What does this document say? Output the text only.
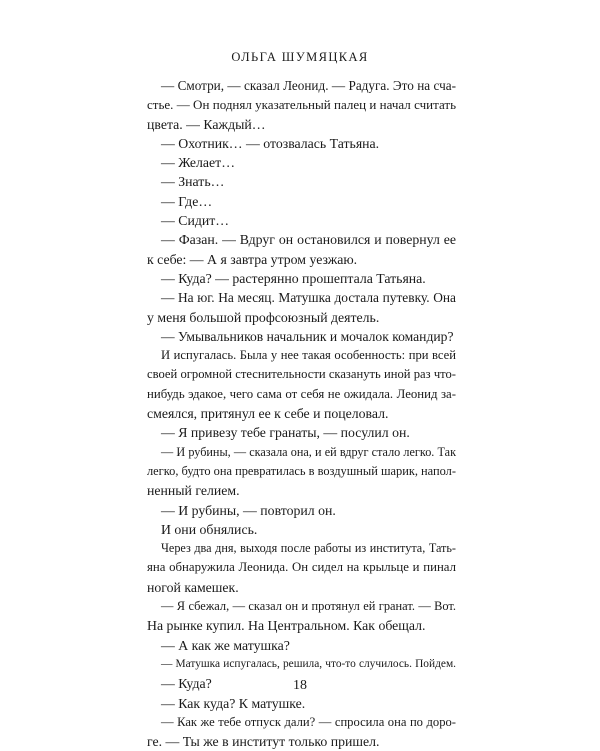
ОЛЬГА ШУМЯЦКАЯ
— Смотри, — сказал Леонид. — Радуга. Это на сча-
стье. — Он поднял указательный палец и начал считать
цвета. — Каждый…
— Охотник… — отозвалась Татьяна.
— Желает…
— Знать…
— Где…
— Сидит…
— Фазан. — Вдруг он остановился и повернул ее
к себе: — А я завтра утром уезжаю.
— Куда? — растерянно прошептала Татьяна.
— На юг. На месяц. Матушка достала путевку. Она
у меня большой профсоюзный деятель.
— Умывальников начальник и мочалок командир?
И испугалась. Была у нее такая особенность: при всей
своей огромной стеснительности сказануть иной раз что-
нибудь эдакое, чего сама от себя не ожидала. Леонид за-
смеялся, притянул ее к себе и поцеловал.
— Я привезу тебе гранаты, — посулил он.
— И рубины, — сказала она, и ей вдруг стало легко. Так
легко, будто она превратилась в воздушный шарик, напол-
ненный гелием.
— И рубины, — повторил он.
И они обнялись.
Через два дня, выходя после работы из института, Тать-
яна обнаружила Леонида. Он сидел на крыльце и пинал
ногой камешек.
— Я сбежал, — сказал он и протянул ей гранат. — Вот.
На рынке купил. На Центральном. Как обещал.
— А как же матушка?
— Матушка испугалась, решила, что-то случилось. Пойдем.
— Куда?
— Как куда? К матушке.
— Как же тебе отпуск дали? — спросила она по доро-
ге. — Ты же в институт только пришел.
18
